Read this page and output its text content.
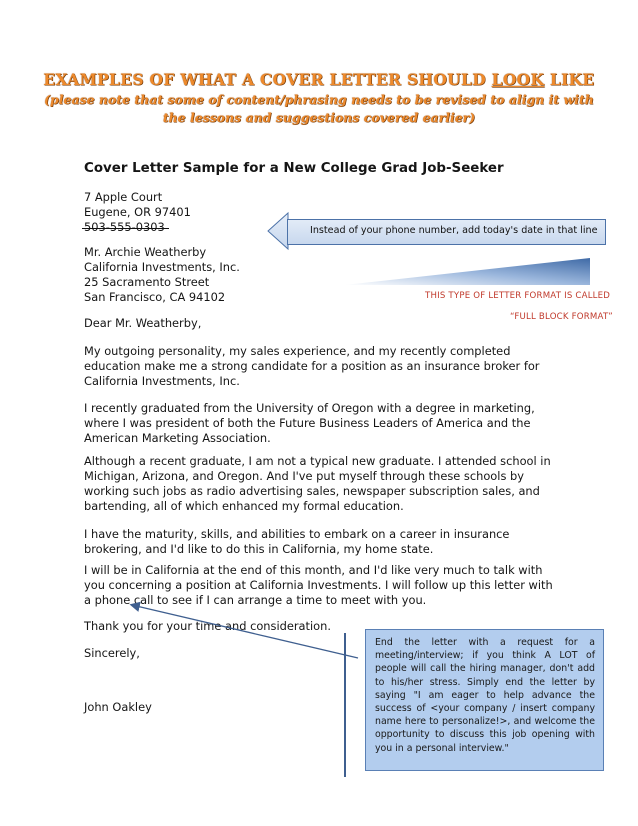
EXAMPLES OF WHAT A COVER LETTER SHOULD LOOK LIKE
(please note that some of content/phrasing needs to be revised to align it with
the lessons and suggestions covered earlier)
Cover Letter Sample for a New College Grad Job-Seeker
7 Apple Court
Eugene, OR 97401
503-555-0303
Mr. Archie Weatherby
California Investments, Inc.
25 Sacramento Street
San Francisco, CA 94102
Dear Mr. Weatherby,
My outgoing personality, my sales experience, and my recently completed
education make me a strong candidate for a position as an insurance broker for
California Investments, Inc.
I recently graduated from the University of Oregon with a degree in marketing,
where I was president of both the Future Business Leaders of America and the
American Marketing Association.
Although a recent graduate, I am not a typical new graduate. I attended school in
Michigan, Arizona, and Oregon. And I've put myself through these schools by
working such jobs as radio advertising sales, newspaper subscription sales, and
bartending, all of which enhanced my formal education.
I have the maturity, skills, and abilities to embark on a career in insurance
brokering, and I'd like to do this in California, my home state.
I will be in California at the end of this month, and I'd like very much to talk with
you concerning a position at California Investments. I will follow up this letter with
a phone call to see if I can arrange a time to meet with you.
Thank you for your time and consideration.
Sincerely,
John Oakley
Instead of your phone number, add today's date in that line
THIS TYPE OF LETTER FORMAT IS CALLED
“FULL BLOCK FORMAT”
End the letter with a request for a meeting/interview; if you think A LOT of people will call the hiring manager, don't add to his/her stress. Simply end the letter by saying "I am eager to help advance the success of <your company / insert company name here to personalize!>, and welcome the opportunity to discuss this job opening with you in a personal interview."
